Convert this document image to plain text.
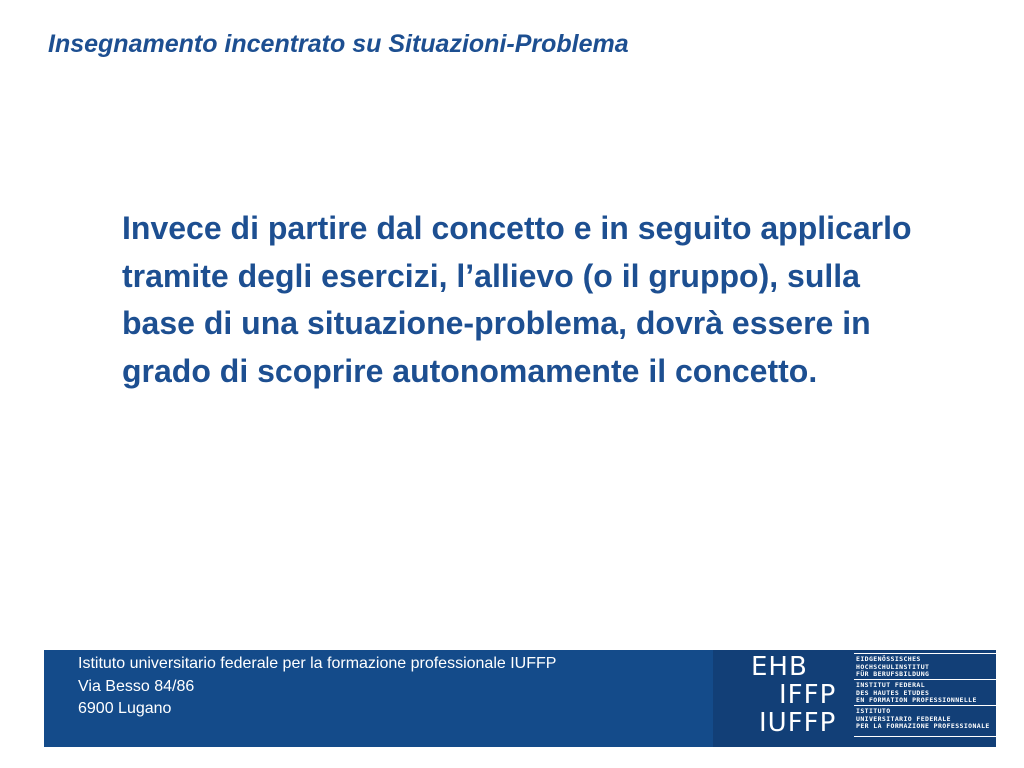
Insegnamento incentrato su Situazioni-Problema

Invece di partire dal concetto e in seguito applicarlo tramite degli esercizi, l’allievo (o il gruppo), sulla base di una situazione-problema, dovrà essere in grado di scoprire autonomamente il concetto.

Istituto universitario federale per la formazione professionale IUFFP
Via Besso 84/86
6900 Lugano
EHB
IFFP
IUFFP
EIDGENÖSSISCHES
HOCHSCHULINSTITUT
FÜR BERUFSBILDUNG
INSTITUT FEDERAL
DES HAUTES ETUDES
EN FORMATION PROFESSIONNELLE
ISTITUTO
UNIVERSITARIO FEDERALE
PER LA FORMAZIONE PROFESSIONALE
